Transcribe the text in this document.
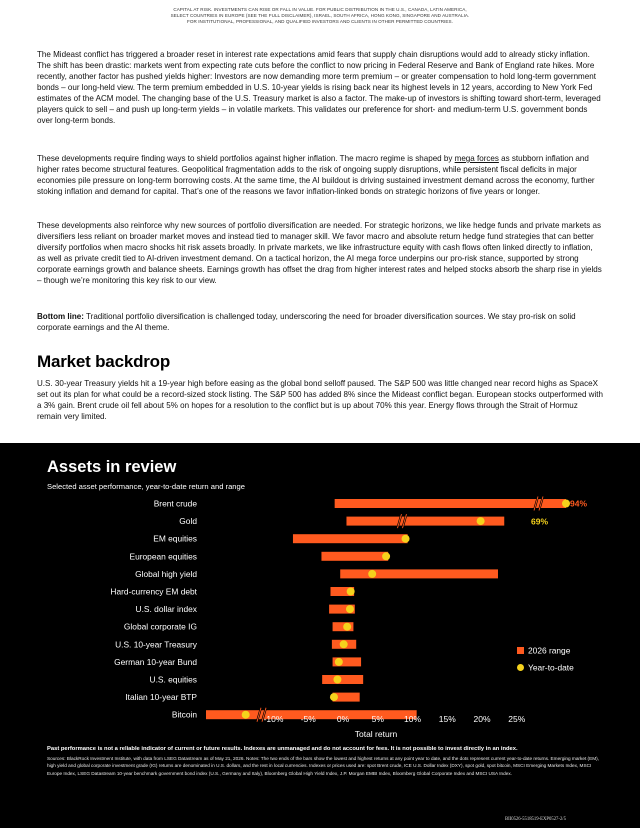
CAPITAL AT RISK. INVESTMENTS CAN RISE OR FALL IN VALUE. FOR PUBLIC DISTRIBUTION IN THE U.S., CANADA, LATIN AMERICA,
SELECT COUNTRIES IN EUROPE (SEE THE FULL DISCLAIMER), ISRAEL, SOUTH AFRICA, HONG KONG, SINGAPORE AND AUSTRALIA.
FOR INSTITUTIONAL, PROFESSIONAL, AND QUALIFIED INVESTORS AND CLIENTS IN OTHER PERMITTED COUNTRIES.

The Mideast conflict has triggered a broader reset in interest rate expectations amid fears that supply chain disruptions would add to already sticky inflation. The shift has been drastic: markets went from expecting rate cuts before the conflict to now pricing in Federal Reserve and Bank of England rate hikes. More recently, another factor has pushed yields higher: Investors are now demanding more term premium – or greater compensation to hold long-term government bonds – our long-held view. The term premium embedded in U.S. 10-year yields is rising back near its highest levels in 12 years, according to New York Fed estimates of the ACM model. The changing base of the U.S. Treasury market is also a factor. The make-up of investors is shifting toward short-term, leveraged players quick to sell – and push up long-term yields – in volatile markets. This validates our preference for short- and medium-term U.S. government bonds over long-term bonds.

These developments require finding ways to shield portfolios against higher inflation. The macro regime is shaped by mega forces as stubborn inflation and higher rates become structural features. Geopolitical fragmentation adds to the risk of ongoing supply disruptions, while persistent fiscal deficits in major economies pile pressure on long-term borrowing costs. At the same time, the AI buildout is driving sustained investment demand across the economy, further stoking inflation and demand for capital. That’s one of the reasons we favor inflation-linked bonds on strategic horizons of five years or longer.

These developments also reinforce why new sources of portfolio diversification are needed. For strategic horizons, we like hedge funds and private markets as diversifiers less reliant on broader market moves and instead tied to manager skill. We favor macro and absolute return hedge fund strategies that can better diversify portfolios when macro shocks hit risk assets broadly. In private markets, we like infrastructure equity with cash flows often linked directly to inflation, as well as private credit tied to AI-driven investment demand. On a tactical horizon, the AI mega force underpins our pro-risk stance, supported by strong corporate earnings growth and balance sheets. Earnings growth has offset the drag from higher interest rates and helped stocks absorb the sharp rise in yields – though we’re monitoring this key risk to our view.

Bottom line: Traditional portfolio diversification is challenged today, underscoring the need for broader diversification sources. We stay pro-risk on solid corporate earnings and the AI theme.

Market backdrop

U.S. 30-year Treasury yields hit a 19-year high before easing as the global bond selloff paused. The S&P 500 was little changed near record highs as SpaceX set out its plan for what could be a record-sized stock listing. The S&P 500 has added 8% since the Mideast conflict began. European stocks outperformed with a 3% gain. Brent crude oil fell about 5% on hopes for a resolution to the conflict but is up about 70% this year. Energy flows through the Strait of Hormuz remain very limited.

Assets in review
Selected asset performance, year-to-date return and range
Brent crude
Gold
EM equities
European equities
Global high yield
Hard-currency EM debt
U.S. dollar index
Global corporate IG
U.S. 10-year Treasury
German 10-year Bund
U.S. equities
Italian 10-year BTP
Bitcoin
94%
69%
-28%	-10% -5% 0%	5% 10% 15% 20% 25%
Total return
2026 range
Year-to-date
Past performance is not a reliable indicator of current or future results. Indexes are unmanaged and do not account for fees. It is not possible to invest directly in an index.
Sources: BlackRock Investment Institute, with data from LSEG Datastream as of May 21, 2026. Notes: The two ends of the bars show the lowest and highest returns at any point year to date, and the dots represent current year-to-date returns. Emerging market (EM), high yield and global corporate investment grade (IG) returns are denominated in U.S. dollars, and the rest in local currencies. Indexes or prices used are: spot Brent crude, ICE U.S. Dollar Index (DXY), spot gold, spot bitcoin, MSCI Emerging Markets Index, MSCI Europe Index, LSEG Datastream 10-year benchmark government bond index (U.S., Germany and Italy), Bloomberg Global High Yield Index, J.P. Morgan EMBI Index, Bloomberg Global Corporate Index and MSCI USA Index.
BII0526-5518519-EXP0527-2/5
